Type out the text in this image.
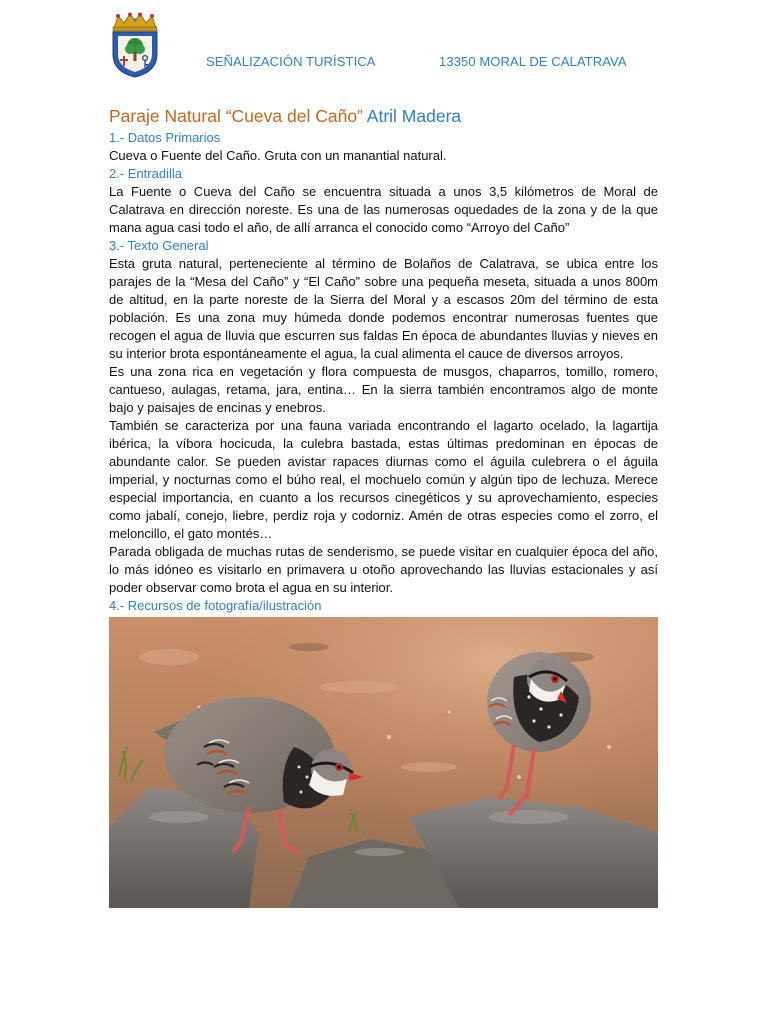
SEÑALIZACIÓN TURÍSTICA	13350 MORAL DE CALATRAVA
Paraje Natural “Cueva del Caño” Atril Madera
1.- Datos Primarios

Cueva o Fuente del Caño. Gruta con un manantial natural.

2.- Entradilla

La Fuente o Cueva del Caño se encuentra situada a unos 3,5 kilómetros de Moral de Calatrava en dirección noreste. Es una de las numerosas oquedades de la zona y de la que mana agua casi todo el año, de allí arranca el conocido como “Arroyo del Caño”

3.- Texto General

Esta gruta natural, perteneciente al término de Bolaños de Calatrava, se ubica entre los parajes de la “Mesa del Caño” y “El Caño” sobre una pequeña meseta, situada a unos 800m de altitud, en la parte noreste de la Sierra del Moral y a escasos 20m del término de esta población. Es una zona muy húmeda donde podemos encontrar numerosas fuentes que recogen el agua de lluvia que escurren sus faldas En época de abundantes lluvias y nieves en su interior brota espontáneamente el agua, la cual alimenta el cauce de diversos arroyos.

Es una zona rica en vegetación y flora compuesta de musgos, chaparros, tomillo, romero, cantueso, aulagas, retama, jara, entina… En la sierra también encontramos algo de monte bajo y paisajes de encinas y enebros.

También se caracteriza por una fauna variada encontrando el lagarto ocelado, la lagartija ibérica, la víbora hocicuda, la culebra bastada, estas últimas predominan en épocas de abundante calor. Se pueden avistar rapaces diurnas como el águila culebrera o el águila imperial, y nocturnas como el búho real, el mochuelo común y algún tipo de lechuza. Merece especial importancia, en cuanto a los recursos cinegéticos y su aprovechamiento, especies como jabalí, conejo, liebre, perdiz roja y codorniz. Amén de otras especies como el zorro, el meloncillo, el gato montés…

Parada obligada de muchas rutas de senderismo, se puede visitar en cualquier época del año, lo más idóneo es visitarlo en primavera u otoño aprovechando las lluvias estacionales y así poder observar como brota el agua en su interior.

4.- Recursos de fotografía/ilustración
